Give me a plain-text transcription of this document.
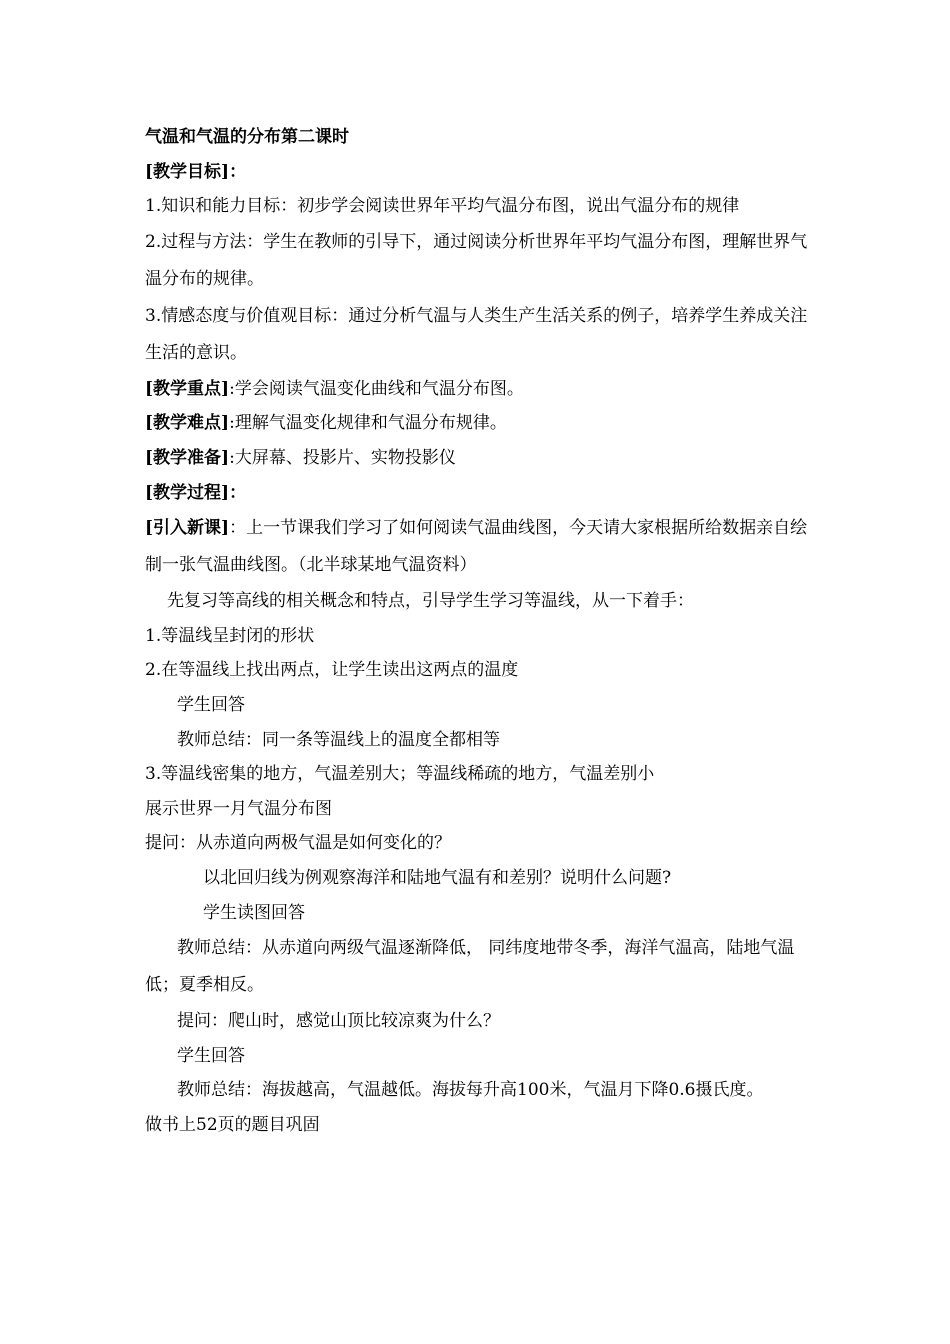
气温和气温的分布第二课时
[教学目标]：
1.知识和能力目标：初步学会阅读世界年平均气温分布图，说出气温分布的规律
2.过程与方法：学生在教师的引导下，通过阅读分析世界年平均气温分布图，理解世界气温分布的规律。
3.情感态度与价值观目标：通过分析气温与人类生产生活关系的例子，培养学生养成关注生活的意识。
[教学重点]:学会阅读气温变化曲线和气温分布图。
[教学难点]:理解气温变化规律和气温分布规律。
[教学准备]:大屏幕、投影片、实物投影仪
[教学过程]：
[引入新课]：上一节课我们学习了如何阅读气温曲线图，今天请大家根据所给数据亲自绘制一张气温曲线图。（北半球某地气温资料）
先复习等高线的相关概念和特点，引导学生学习等温线，从一下着手：
1.等温线呈封闭的形状
2.在等温线上找出两点，让学生读出这两点的温度
学生回答
教师总结：同一条等温线上的温度全都相等
3.等温线密集的地方，气温差别大；等温线稀疏的地方，气温差别小
展示世界一月气温分布图
提问：从赤道向两极气温是如何变化的？
以北回归线为例观察海洋和陆地气温有和差别？说明什么问题?
学生读图回答
教师总结：从赤道向两级气温逐渐降低， 同纬度地带冬季，海洋气温高，陆地气温低；夏季相反。
提问：爬山时，感觉山顶比较凉爽为什么？
学生回答
教师总结：海拔越高，气温越低。海拔每升高100米，气温月下降0.6摄氏度。
做书上52页的题目巩固
